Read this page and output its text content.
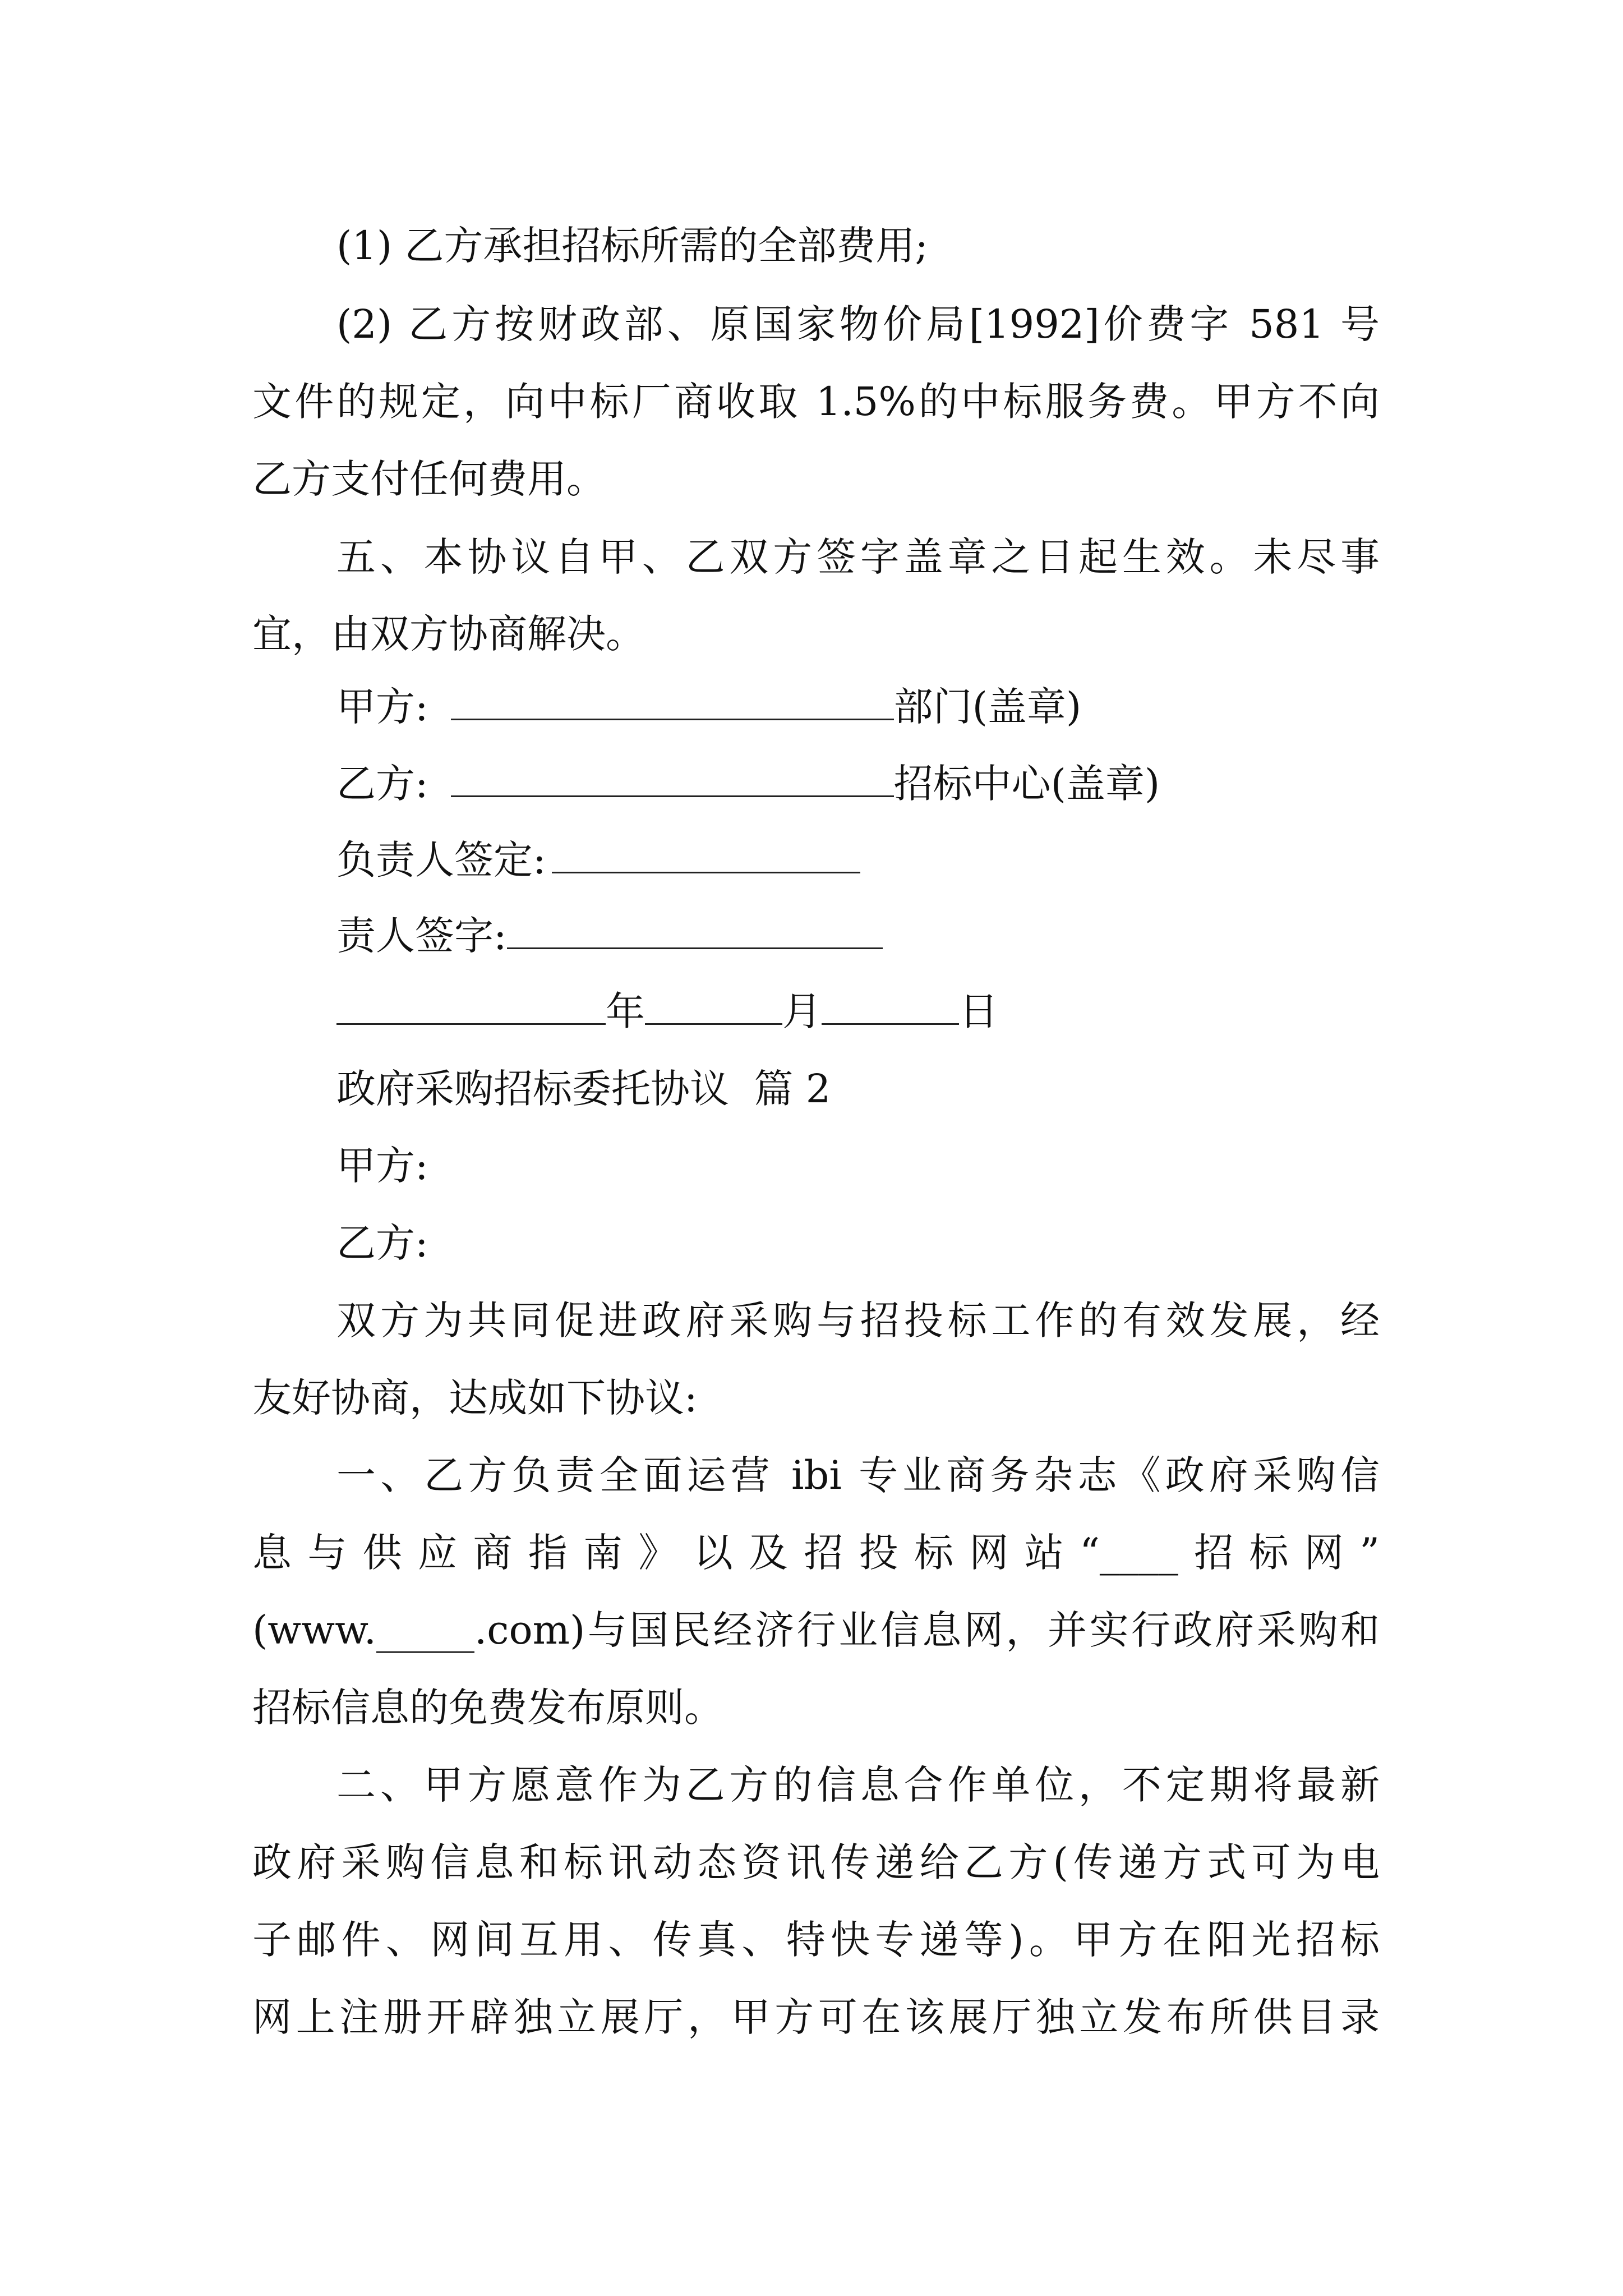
(1) 乙方承担招标所需的全部费用;
(2) 乙方按财政部、原国家物价局[1992]价费字 581 号
文件的规定，向中标厂商收取 1.5%的中标服务费。甲方不向
乙方支付任何费用。
五、本协议自甲、乙双方签字盖章之日起生效。未尽事
宜，由双方协商解决。
甲方:	部门(盖章)
乙方:	招标中心(盖章)
负责人签定:
责人签字:
年	月	日
政府采购招标委托协议  篇 2
甲方:
乙方:
双方为共同促进政府采购与招投标工作的有效发展，经
友好协商，达成如下协议:
一、乙方负责全面运营 ibi 专业商务杂志《政府采购信
息与供应商指南》以及招投标网站“____招标网”
(www._____.com)与国民经济行业信息网，并实行政府采购和
招标信息的免费发布原则。
二、甲方愿意作为乙方的信息合作单位，不定期将最新
政府采购信息和标讯动态资讯传递给乙方(传递方式可为电
子邮件、网间互用、传真、特快专递等)。甲方在阳光招标
网上注册开辟独立展厅，甲方可在该展厅独立发布所供目录
